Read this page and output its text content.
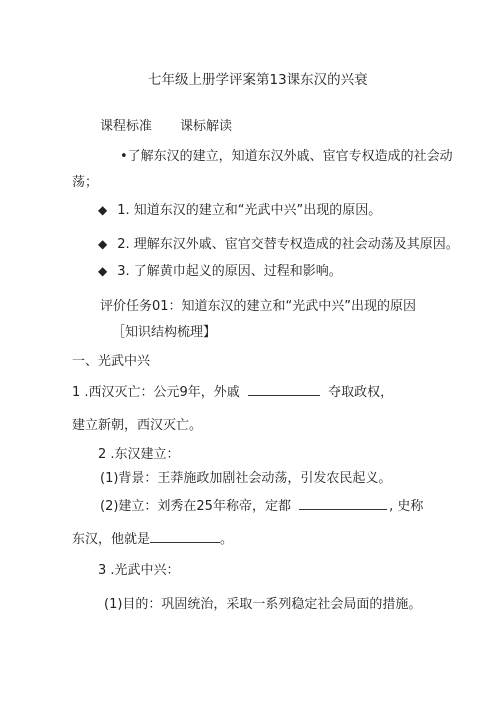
七年级上册学评案第13课东汉的兴衰
课程标准 课标解读
•了解东汉的建立，知道东汉外戚、宦官专权造成的社会动
荡；
◆ 1. 知道东汉的建立和“光武中兴”出现的原因。
◆ 2. 理解东汉外戚、宦官交替专权造成的社会动荡及其原因。
◆ 3. 了解黄巾起义的原因、过程和影响。
评价任务01：知道东汉的建立和“光武中兴”出现的原因
［知识结构梳理】
一、光武中兴
1 .西汉灭亡：公元9年，外戚	夺取政权，
建立新朝，西汉灭亡。
2 .东汉建立：
(1)背景：王莽施政加剧社会动荡，引发农民起义。
(2)建立：刘秀在25年称帝，定都	, 史称
东汉，他就是	。
3 .光武中兴：
(1)目的：巩固统治，采取一系列稳定社会局面的措施。
